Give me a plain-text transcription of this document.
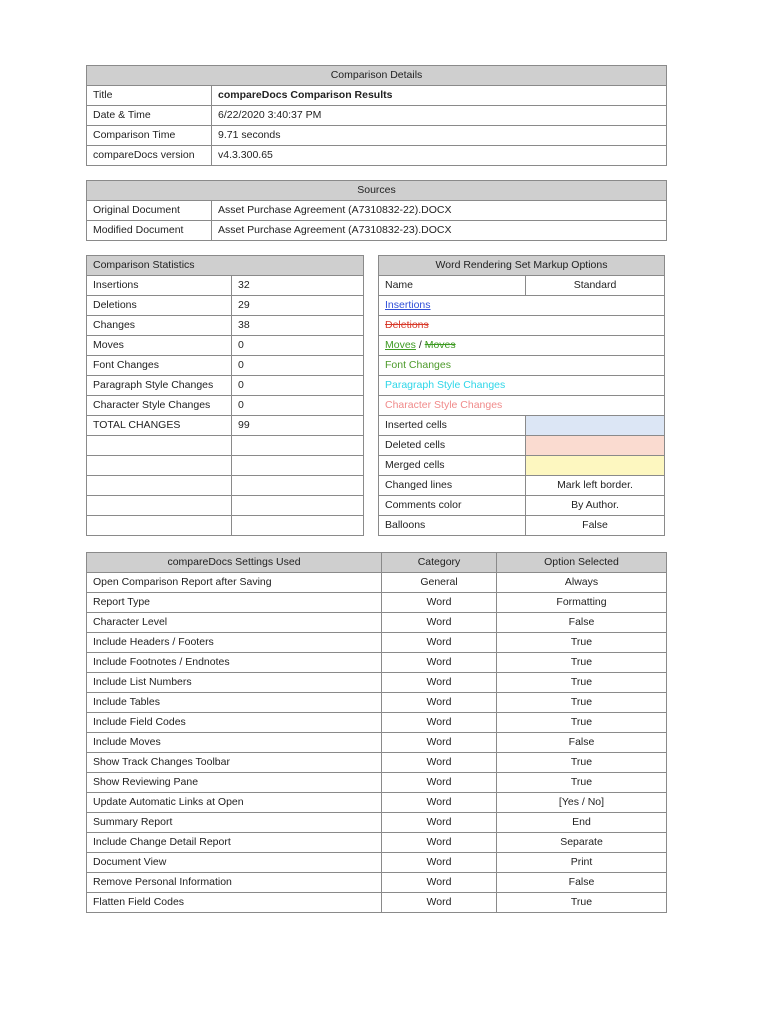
Comparison Details	
Title	compareDocs Comparison Results
Date & Time	6/22/2020 3:40:37 PM
Comparison Time	9.71 seconds
compareDocs version	v4.3.300.65
Sources	
Original Document	Asset Purchase Agreement (A7310832-22).DOCX
Modified Document	Asset Purchase Agreement (A7310832-23).DOCX
Comparison Statistics	
Insertions	32
Deletions	29
Changes	38
Moves	0
Font Changes	0
Paragraph Style Changes	0
Character Style Changes	0
TOTAL CHANGES	99

Word Rendering Set Markup Options	
Name	Standard
Insertions	
Deletions	
Moves / Moves	
Font Changes	
Paragraph Style Changes	
Character Style Changes	
Inserted cells	
Deleted cells	
Merged cells	
Changed lines	Mark left border.
Comments color	By Author.
Balloons	False
compareDocs Settings Used	Category	Option Selected
Open Comparison Report after Saving	General	Always
Report Type	Word	Formatting
Character Level	Word	False
Include Headers / Footers	Word	True
Include Footnotes / Endnotes	Word	True
Include List Numbers	Word	True
Include Tables	Word	True
Include Field Codes	Word	True
Include Moves	Word	False
Show Track Changes Toolbar	Word	True
Show Reviewing Pane	Word	True
Update Automatic Links at Open	Word	[Yes / No]
Summary Report	Word	End
Include Change Detail Report	Word	Separate
Document View	Word	Print
Remove Personal Information	Word	False
Flatten Field Codes	Word	True
